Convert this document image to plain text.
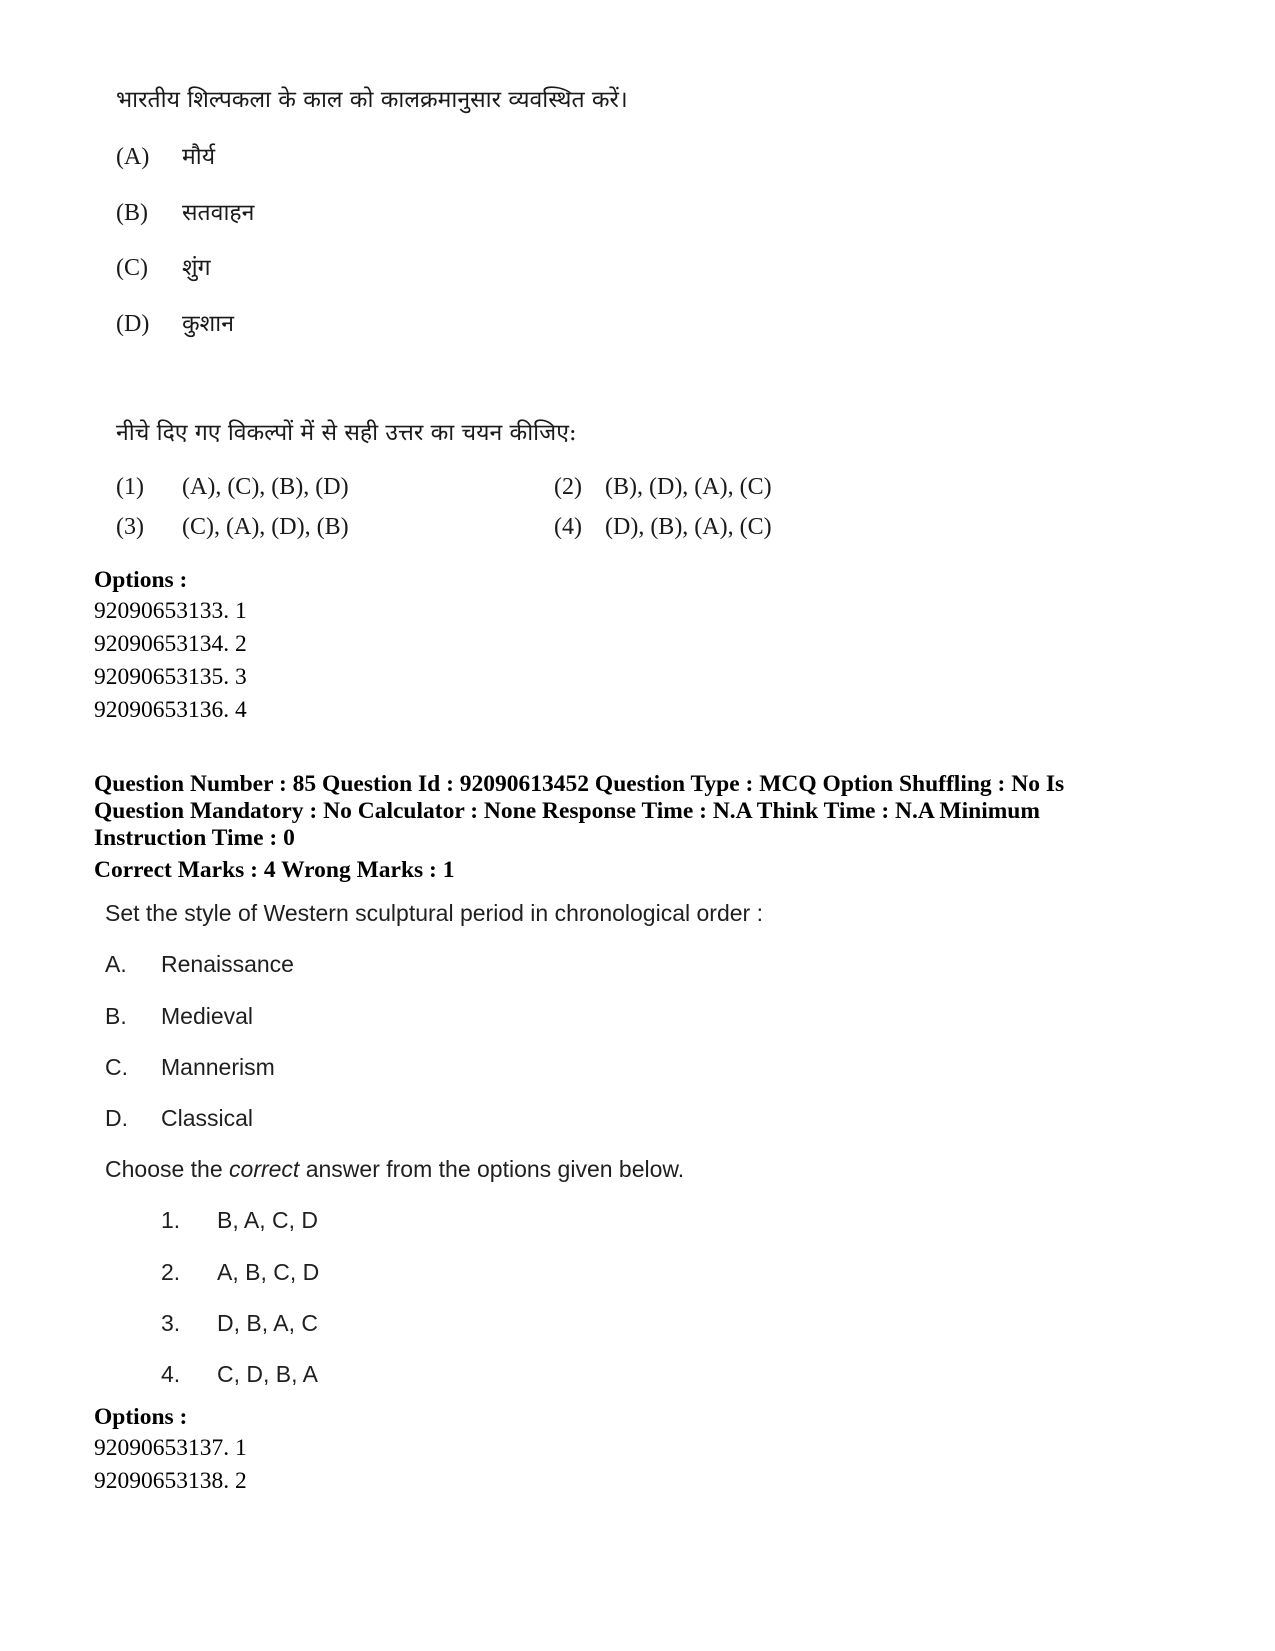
भारतीय शिल्पकला के काल को कालक्रमानुसार व्यवस्थित करें।
(A) मौर्य
(B) सतवाहन
(C) शुंग
(D) कुशान
नीचे दिए गए विकल्पों में से सही उत्तर का चयन कीजिए:
(1) (A), (C), (B), (D)	(2) (B), (D), (A), (C)
(3) (C), (A), (D), (B)	(4) (D), (B), (A), (C)
Options :
92090653133. 1
92090653134. 2
92090653135. 3
92090653136. 4
Question Number : 85 Question Id : 92090613452 Question Type : MCQ Option Shuffling : No Is
Question Mandatory : No Calculator : None Response Time : N.A Think Time : N.A Minimum
Instruction Time : 0
Correct Marks : 4 Wrong Marks : 1
Set the style of Western sculptural period in chronological order :
A. Renaissance
B. Medieval
C. Mannerism
D. Classical
Choose the correct answer from the options given below.
1. B, A, C, D
2. A, B, C, D
3. D, B, A, C
4. C, D, B, A
Options :
92090653137. 1
92090653138. 2
